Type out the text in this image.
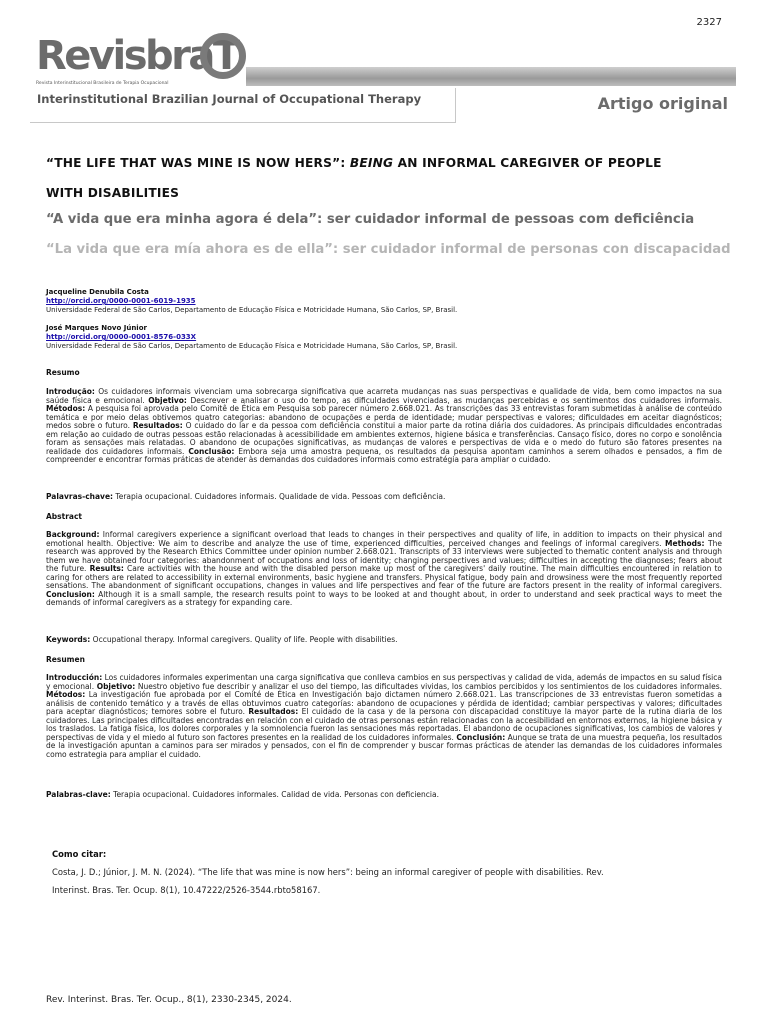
2327
RevisbraT
Revista Interinstitucional Brasileira de Terapia Ocupacional
Interinstitutional Brazilian Journal of Occupational Therapy	Artigo original
“THE LIFE THAT WAS MINE IS NOW HERS”: BEING AN INFORMAL CAREGIVER OF PEOPLE
WITH DISABILITIES
“A vida que era minha agora é dela”: ser cuidador informal de pessoas com deficiência
“La vida que era mía ahora es de ella”: ser cuidador informal de personas con discapacidad
Jacqueline Denubila Costa
http://orcid.org/0000-0001-6019-1935
Universidade Federal de São Carlos, Departamento de Educação Física e Motricidade Humana, São Carlos, SP, Brasil.
José Marques Novo Júnior
http://orcid.org/0000-0001-8576-033X
Universidade Federal de São Carlos, Departamento de Educação Física e Motricidade Humana, São Carlos, SP, Brasil.
Resumo
Introdução: Os cuidadores informais vivenciam uma sobrecarga significativa que acarreta mudanças nas suas perspectivas e qualidade de vida, bem como impactos na sua saúde física e emocional. Objetivo: Descrever e analisar o uso do tempo, as dificuldades vivenciadas, as mudanças percebidas e os sentimentos dos cuidadores informais. Métodos: A pesquisa foi aprovada pelo Comitê de Ética em Pesquisa sob parecer número 2.668.021. As transcrições das 33 entrevistas foram submetidas à análise de conteúdo temática e por meio delas obtivemos quatro categorias: abandono de ocupações e perda de identidade; mudar perspectivas e valores; dificuldades em aceitar diagnósticos; medos sobre o futuro. Resultados: O cuidado do lar e da pessoa com deficiência constitui a maior parte da rotina diária dos cuidadores. As principais dificuldades encontradas em relação ao cuidado de outras pessoas estão relacionadas à acessibilidade em ambientes externos, higiene básica e transferências. Cansaço físico, dores no corpo e sonolência foram as sensações mais relatadas. O abandono de ocupações significativas, as mudanças de valores e perspectivas de vida e o medo do futuro são fatores presentes na realidade dos cuidadores informais. Conclusão: Embora seja uma amostra pequena, os resultados da pesquisa apontam caminhos a serem olhados e pensados, a fim de compreender e encontrar formas práticas de atender às demandas dos cuidadores informais como estratégia para ampliar o cuidado.
Palavras-chave: Terapia ocupacional. Cuidadores informais. Qualidade de vida. Pessoas com deficiência.
Abstract
Background: Informal caregivers experience a significant overload that leads to changes in their perspectives and quality of life, in addition to impacts on their physical and emotional health. Objective: We aim to describe and analyze the use of time, experienced difficulties, perceived changes and feelings of informal caregivers. Methods: The research was approved by the Research Ethics Committee under opinion number 2.668.021. Transcripts of 33 interviews were subjected to thematic content analysis and through them we have obtained four categories: abandonment of occupations and loss of identity; changing perspectives and values; difficulties in accepting the diagnoses; fears about the future. Results: Care activities with the house and with the disabled person make up most of the caregivers' daily routine. The main difficulties encountered in relation to caring for others are related to accessibility in external environments, basic hygiene and transfers. Physical fatigue, body pain and drowsiness were the most frequently reported sensations. The abandonment of significant occupations, changes in values and life perspectives and fear of the future are factors present in the reality of informal caregivers. Conclusion: Although it is a small sample, the research results point to ways to be looked at and thought about, in order to understand and seek practical ways to meet the demands of informal caregivers as a strategy for expanding care.
Keywords: Occupational therapy. Informal caregivers. Quality of life. People with disabilities.
Resumen
Introducción: Los cuidadores informales experimentan una carga significativa que conlleva cambios en sus perspectivas y calidad de vida, además de impactos en su salud física y emocional. Objetivo: Nuestro objetivo fue describir y analizar el uso del tiempo, las dificultades vividas, los cambios percibidos y los sentimientos de los cuidadores informales. Métodos: La investigación fue aprobada por el Comité de Ética en Investigación bajo dictamen número 2.668.021. Las transcripciones de 33 entrevistas fueron sometidas a análisis de contenido temático y a través de ellas obtuvimos cuatro categorías: abandono de ocupaciones y pérdida de identidad; cambiar perspectivas y valores; dificultades para aceptar diagnósticos; temores sobre el futuro. Resultados: El cuidado de la casa y de la persona con discapacidad constituye la mayor parte de la rutina diaria de los cuidadores. Las principales dificultades encontradas en relación con el cuidado de otras personas están relacionadas con la accesibilidad en entornos externos, la higiene básica y los traslados. La fatiga física, los dolores corporales y la somnolencia fueron las sensaciones más reportadas. El abandono de ocupaciones significativas, los cambios de valores y perspectivas de vida y el miedo al futuro son factores presentes en la realidad de los cuidadores informales. Conclusión: Aunque se trata de una muestra pequeña, los resultados de la investigación apuntan a caminos para ser mirados y pensados, con el fin de comprender y buscar formas prácticas de atender las demandas de los cuidadores informales como estrategia para ampliar el cuidado.
Palabras-clave: Terapia ocupacional. Cuidadores informales. Calidad de vida. Personas con deficiencia.
Como citar:
Costa, J. D.; Júnior, J. M. N. (2024). “The life that was mine is now hers”: being an informal caregiver of people with disabilities. Rev.
Interinst. Bras. Ter. Ocup. 8(1), 10.47222/2526-3544.rbto58167.
Rev. Interinst. Bras. Ter. Ocup., 8(1), 2330-2345, 2024.
